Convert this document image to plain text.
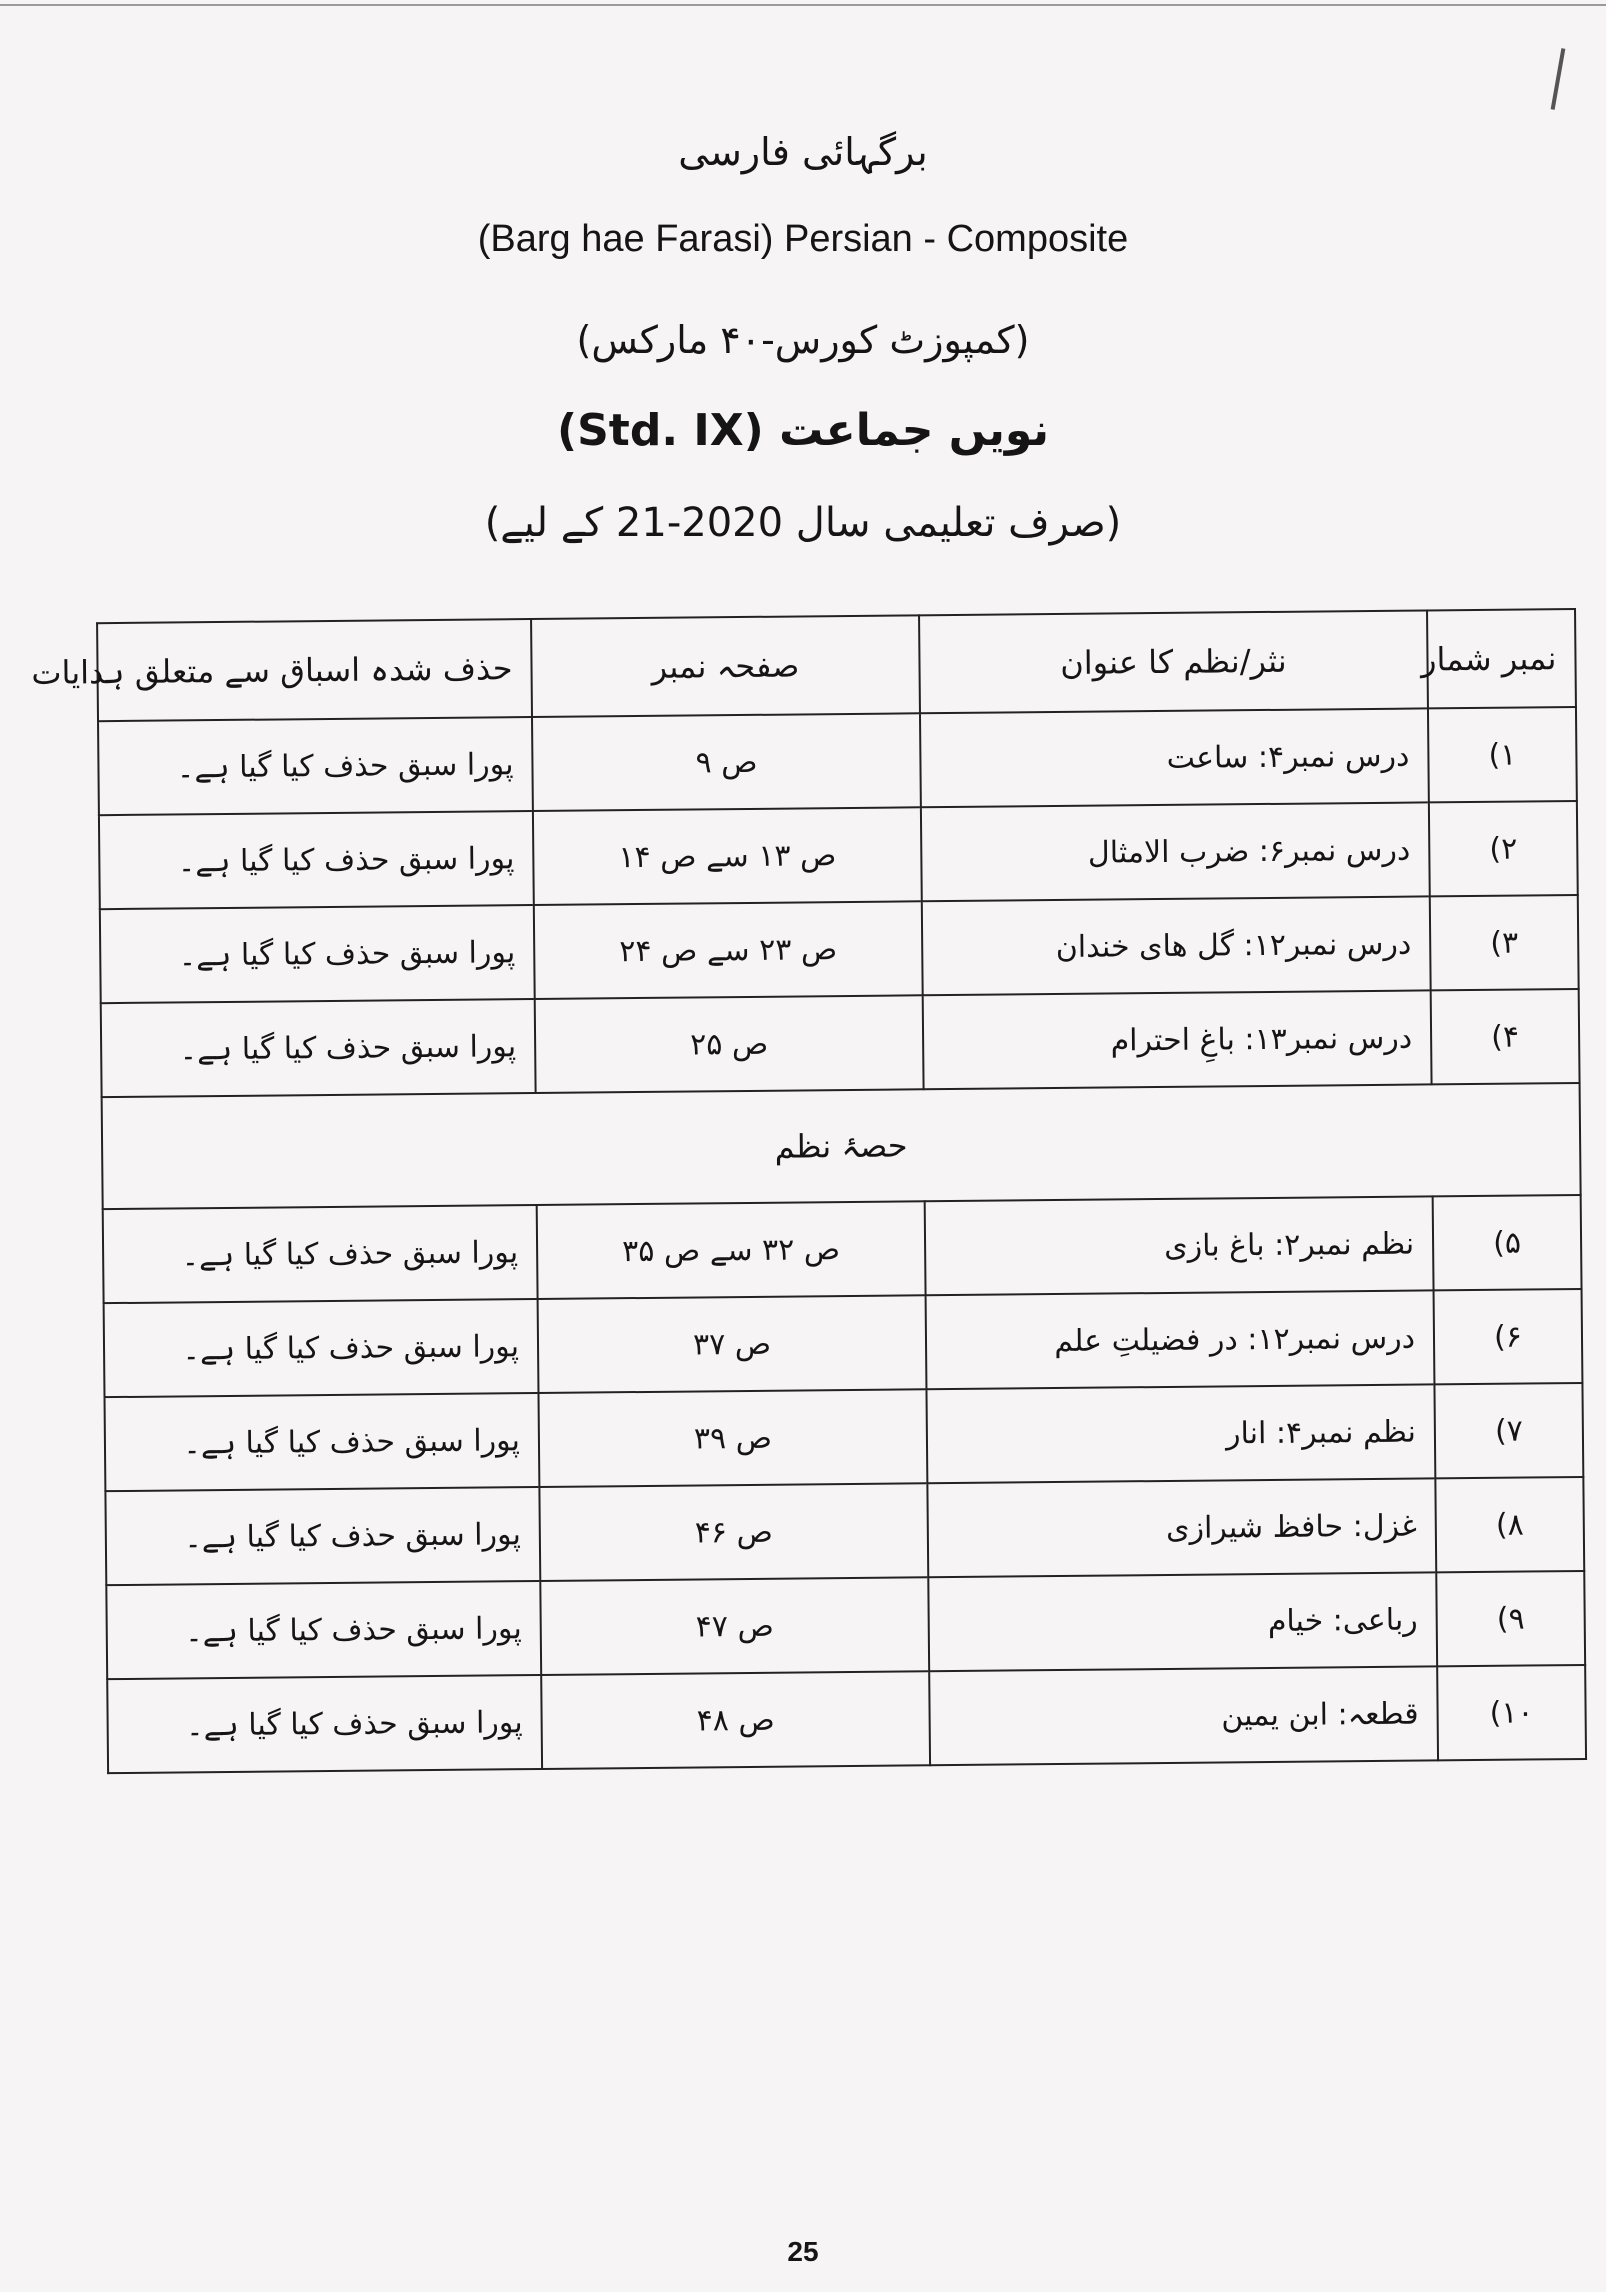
برگہائی فارسی
(Barg hae Farasi) Persian - Composite
(کمپوزٹ کورس-۴۰ مارکس)
نویں جماعت (Std. IX)
(صرف تعلیمی سال 2020-21 کے لیے)
نمبر شمار	نثر/نظم کا عنوان	صفحہ نمبر	حذف شدہ اسباق سے متعلق ہدایات
۱)	درس نمبر۴: ساعت	ص ۹	پورا سبق حذف کیا گیا ہے۔
۲)	درس نمبر۶: ضرب الامثال	ص ۱۳ سے ص ۱۴	پورا سبق حذف کیا گیا ہے۔
۳)	درس نمبر۱۲: گل ھای خندان	ص ۲۳ سے ص ۲۴	پورا سبق حذف کیا گیا ہے۔
۴)	درس نمبر۱۳: باغِ احترام	ص ۲۵	پورا سبق حذف کیا گیا ہے۔
حصۂ نظم			
۵)	نظم نمبر۲: باغ بازی	ص ۳۲ سے ص ۳۵	پورا سبق حذف کیا گیا ہے۔
۶)	درس نمبر۱۲: در فضیلتِ علم	ص ۳۷	پورا سبق حذف کیا گیا ہے۔
۷)	نظم نمبر۴: انار	ص ۳۹	پورا سبق حذف کیا گیا ہے۔
۸)	غزل: حافظ شیرازی	ص ۴۶	پورا سبق حذف کیا گیا ہے۔
۹)	رباعی: خیام	ص ۴۷	پورا سبق حذف کیا گیا ہے۔
۱۰)	قطعہ: ابن یمین	ص ۴۸	پورا سبق حذف کیا گیا ہے۔
25
